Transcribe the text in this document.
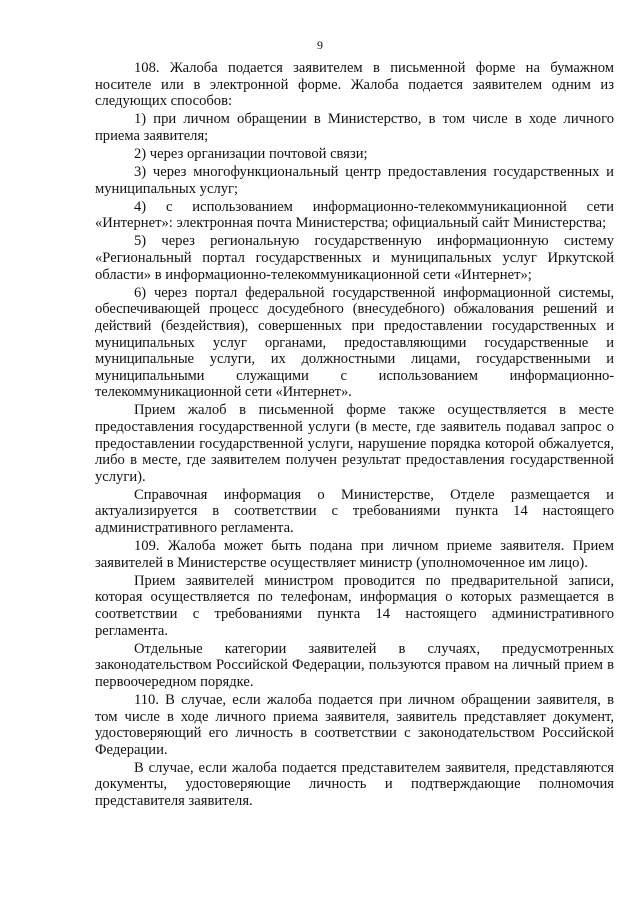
9

108. Жалоба подается заявителем в письменной форме на бумажном носителе или в электронной форме. Жалоба подается заявителем одним из следующих способов:

1) при личном обращении в Министерство, в том числе в ходе личного приема заявителя;

2) через организации почтовой связи;

3) через многофункциональный центр предоставления государственных и муниципальных услуг;

4) с использованием информационно-телекоммуникационной сети «Интернет»: электронная почта Министерства; официальный сайт Министерства;

5) через региональную государственную информационную систему «Региональный портал государственных и муниципальных услуг Иркутской области» в информационно-телекоммуникационной сети «Интернет»;

6) через портал федеральной государственной информационной системы, обеспечивающей процесс досудебного (внесудебного) обжалования решений и действий (бездействия), совершенных при предоставлении государственных и муниципальных услуг органами, предоставляющими государственные и муниципальные услуги, их должностными лицами, государственными и муниципальными служащими с использованием информационно-телекоммуникационной сети «Интернет».

Прием жалоб в письменной форме также осуществляется в месте предоставления государственной услуги (в месте, где заявитель подавал запрос о предоставлении государственной услуги, нарушение порядка которой обжалуется, либо в месте, где заявителем получен результат предоставления государственной услуги).

Справочная информация о Министерстве, Отделе размещается и актуализируется в соответствии с требованиями пункта 14 настоящего административного регламента.

109. Жалоба может быть подана при личном приеме заявителя. Прием заявителей в Министерстве осуществляет министр (уполномоченное им лицо).

Прием заявителей министром проводится по предварительной записи, которая осуществляется по телефонам, информация о которых размещается в соответствии с требованиями пункта 14 настоящего административного регламента.

Отдельные категории заявителей в случаях, предусмотренных законодательством Российской Федерации, пользуются правом на личный прием в первоочередном порядке.

110. В случае, если жалоба подается при личном обращении заявителя, в том числе в ходе личного приема заявителя, заявитель представляет документ, удостоверяющий его личность в соответствии с законодательством Российской Федерации.

В случае, если жалоба подается представителем заявителя, представляются документы, удостоверяющие личность и подтверждающие полномочия представителя заявителя.
